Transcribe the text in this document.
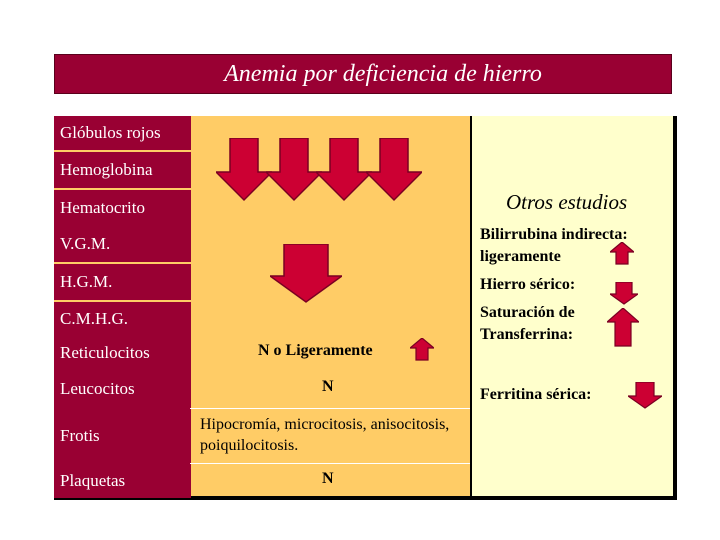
Anemia por deficiencia de hierro
Glóbulos rojos
Hemoglobina
Hematocrito
V.G.M.
H.G.M.
C.M.H.G.
Reticulocitos
Leucocitos
Frotis
Plaquetas
N o Ligeramente
N
Hipocromía, microcitosis, anisocitosis, poiquilocitosis.
N
Otros estudios
Bilirrubina indirecta:
ligeramente
Hierro sérico:
Saturación de
Transferrina:
Ferritina sérica:
